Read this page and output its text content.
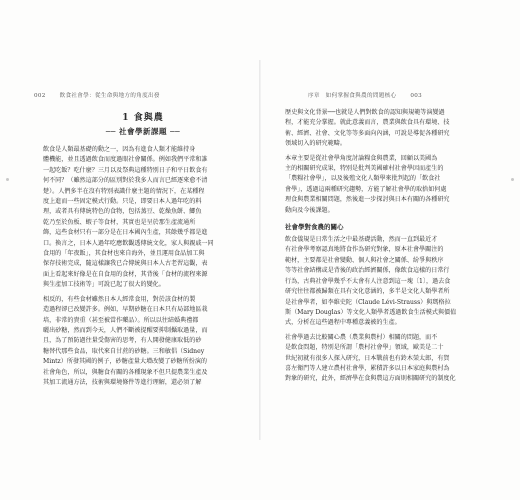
002	飲食社會學：從生命與地方的角度出發	序章　如何掌握食與農的問題核心	003
1 食與農
── 社會學新課題 ──

飲食是人類最基礎的動之一，因為有進食人類才能維持身
體機能，並且透過飲食而度過眼社會關係。例如我們平常和誰
一起吃飯？吃什麼？三月以及祭典這種特別日子和平日飲食有
何不同？（雖然這部分的區別對於我多人而言已經逐來愈不清
楚）。人們多半在沒有特別表識什麼主題的情況下，在某種程
度上進而一些固定模式行動。只是，即要日本人過年吃的料
理，或者具有傳統特色的食物，包括蒸豆、乾燥魚餅、鯽魚
乾乃至於魚板、蝦子等食材，其實也是呈於那生產流通所
飾，這些食材只有一部分是在日本國內生產，其餘幾乎都是進
口。換言之，日本人過年吃應飲觀透傳統文化，家人與親戚一同
食用的「年夜飯」，其食材也來自海外，並且運用食品加工與
保存技術完成，隨這樣讓我已合傳統與日本人古老習這觀，表
面上看起來好像是在自食用的食材，其背後「食材的流程來源
與生產加工技術等」可說已起了很大的變化。

相反的，有些食材雖然日本人經常食用，對於該食材的製
造過程卻已改變許多。例如，早期砂糖在日本只有局部地區栽
培，非常的貴重（甚至被當作藥品）。所以以往結婚典禮都
曬出砂糖，然而到今天，人們不斷被提醒要抑制攝取過量，而
且，為了預防過往量受傷害的思考，有人開發健康取低的砂
糖替代那些食品，取代來自甘蔗的砂糖。三和敏倡（Sidney
Mintz）所發其國的例子，砂糖產量大增改變了砂糖所扮演的
社會角色，所以，與糖食有關的各種現象不但只提農業生產及
其加工流通方法，技術與環境條件等進行理解，還必須了解

歷史與文化背景──也就是人們對飲食的認知與規範等演變過
程，才能充分掌握。就此意義而言，農業與飲食具有環境、技
術、經濟、社會、文化等等多面向內涵，可說是導促各種研究
領域切入的研究範疇。

本章主要是從社會學角度討論糧食與農業，回顧以美國為
主的相關研究成果，特別是批判美國確村社會學因而產生的
「農糧社會學」，以及後殖文化人類學來批判起的「飲食社
會學」，透過這兩種研究趨勢，方能了解社會學的取捨如何處
理食與農業相關問題，然後進一步探討與日本有關的各種研究
動向及今後課題。

社會學對食農的關心

飲食儀規是日常生活之中最基礎活動，然而一直到最近才
有社會學考察認真地將食作為研究對象，原本社會學關注的
範材，主要都是社會變動、個人與社會之關係、紛爭與秩序
等等社會結構或是背後的政治經濟關係，像飲食這樣的日常行
行為，古典社會學幾乎不太會有人注意到這一塊〔1〕，過去食
研究往往都被歸類在具有文化意涵的，多半是文化人類學者所
是社會學者，如李維史陀（Claude Lévi-Strauss）與瑪格拉
斯（Mary Douglas）等文化人類學者透過飲食生活模式與價值
式，分析在這些過程中專種意義被的生產。

社會學過去比較關心農（農業與農村）相關的問題，而不
是飲食問題，特別是所謂「農村社會學」領域，歐美是二十
世紀初就有很多人探入研究，日本戰前也有鈴木榮太郎，有賀
喜左衛門等人建立農村社會學，累積許多以日本家庭與農村為
對象的研究，此外，經濟學在食與農這方面則相關研究的制度化
